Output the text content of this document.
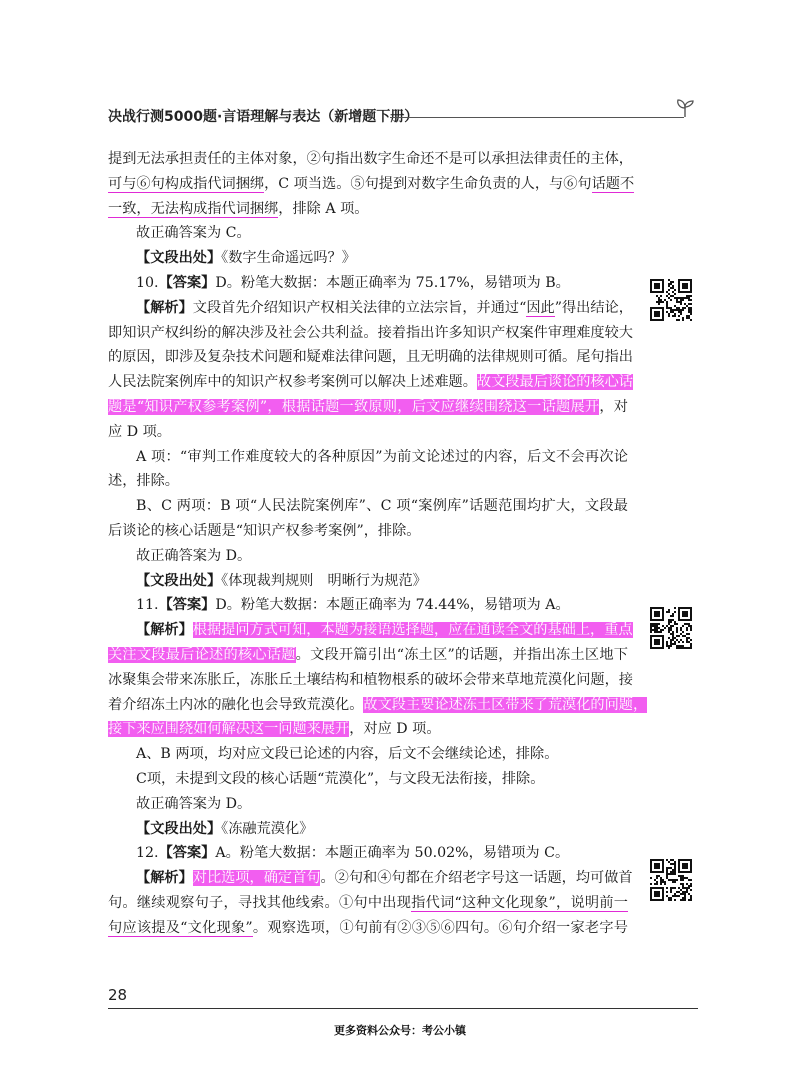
决战行测5000题·言语理解与表达（新增题下册）
提到无法承担责任的主体对象，②句指出数字生命还不是可以承担法律责任的主体，
可与⑥句构成指代词捆绑，C 项当选。⑤句提到对数字生命负责的人，与⑥句话题不
一致，无法构成指代词捆绑，排除 A 项。
故正确答案为 C。
【文段出处】《数字生命遥远吗？》
10.【答案】D。粉笔大数据：本题正确率为 75.17%，易错项为 B。
【解析】文段首先介绍知识产权相关法律的立法宗旨，并通过“因此”得出结论，
即知识产权纠纷的解决涉及社会公共利益。接着指出许多知识产权案件审理难度较大
的原因，即涉及复杂技术问题和疑难法律问题，且无明确的法律规则可循。尾句指出
人民法院案例库中的知识产权参考案例可以解决上述难题。故文段最后谈论的核心话
题是“知识产权参考案例”，根据话题一致原则，后文应继续围绕这一话题展开，对
应 D 项。
A 项：“审判工作难度较大的各种原因”为前文论述过的内容，后文不会再次论
述，排除。
B、C 两项：B 项“人民法院案例库”、C 项“案例库”话题范围均扩大，文段最
后谈论的核心话题是“知识产权参考案例”，排除。
故正确答案为 D。
【文段出处】《体现裁判规则　明晰行为规范》
11.【答案】D。粉笔大数据：本题正确率为 74.44%，易错项为 A。
【解析】根据提问方式可知，本题为接语选择题，应在通读全文的基础上，重点
关注文段最后论述的核心话题。文段开篇引出“冻土区”的话题，并指出冻土区地下
冰聚集会带来冻胀丘，冻胀丘土壤结构和植物根系的破坏会带来草地荒漠化问题，接
着介绍冻土内冰的融化也会导致荒漠化。故文段主要论述冻土区带来了荒漠化的问题，
接下来应围绕如何解决这一问题来展开，对应 D 项。
A、B 两项，均对应文段已论述的内容，后文不会继续论述，排除。
C项，未提到文段的核心话题“荒漠化”，与文段无法衔接，排除。
故正确答案为 D。
【文段出处】《冻融荒漠化》
12.【答案】A。粉笔大数据：本题正确率为 50.02%，易错项为 C。
【解析】对比选项，确定首句。②句和④句都在介绍老字号这一话题，均可做首
句。继续观察句子，寻找其他线索。①句中出现指代词“这种文化现象”，说明前一
句应该提及“文化现象”。观察选项，①句前有②③⑤⑥四句。⑥句介绍一家老字号
28
更多资料公众号：考公小镇
